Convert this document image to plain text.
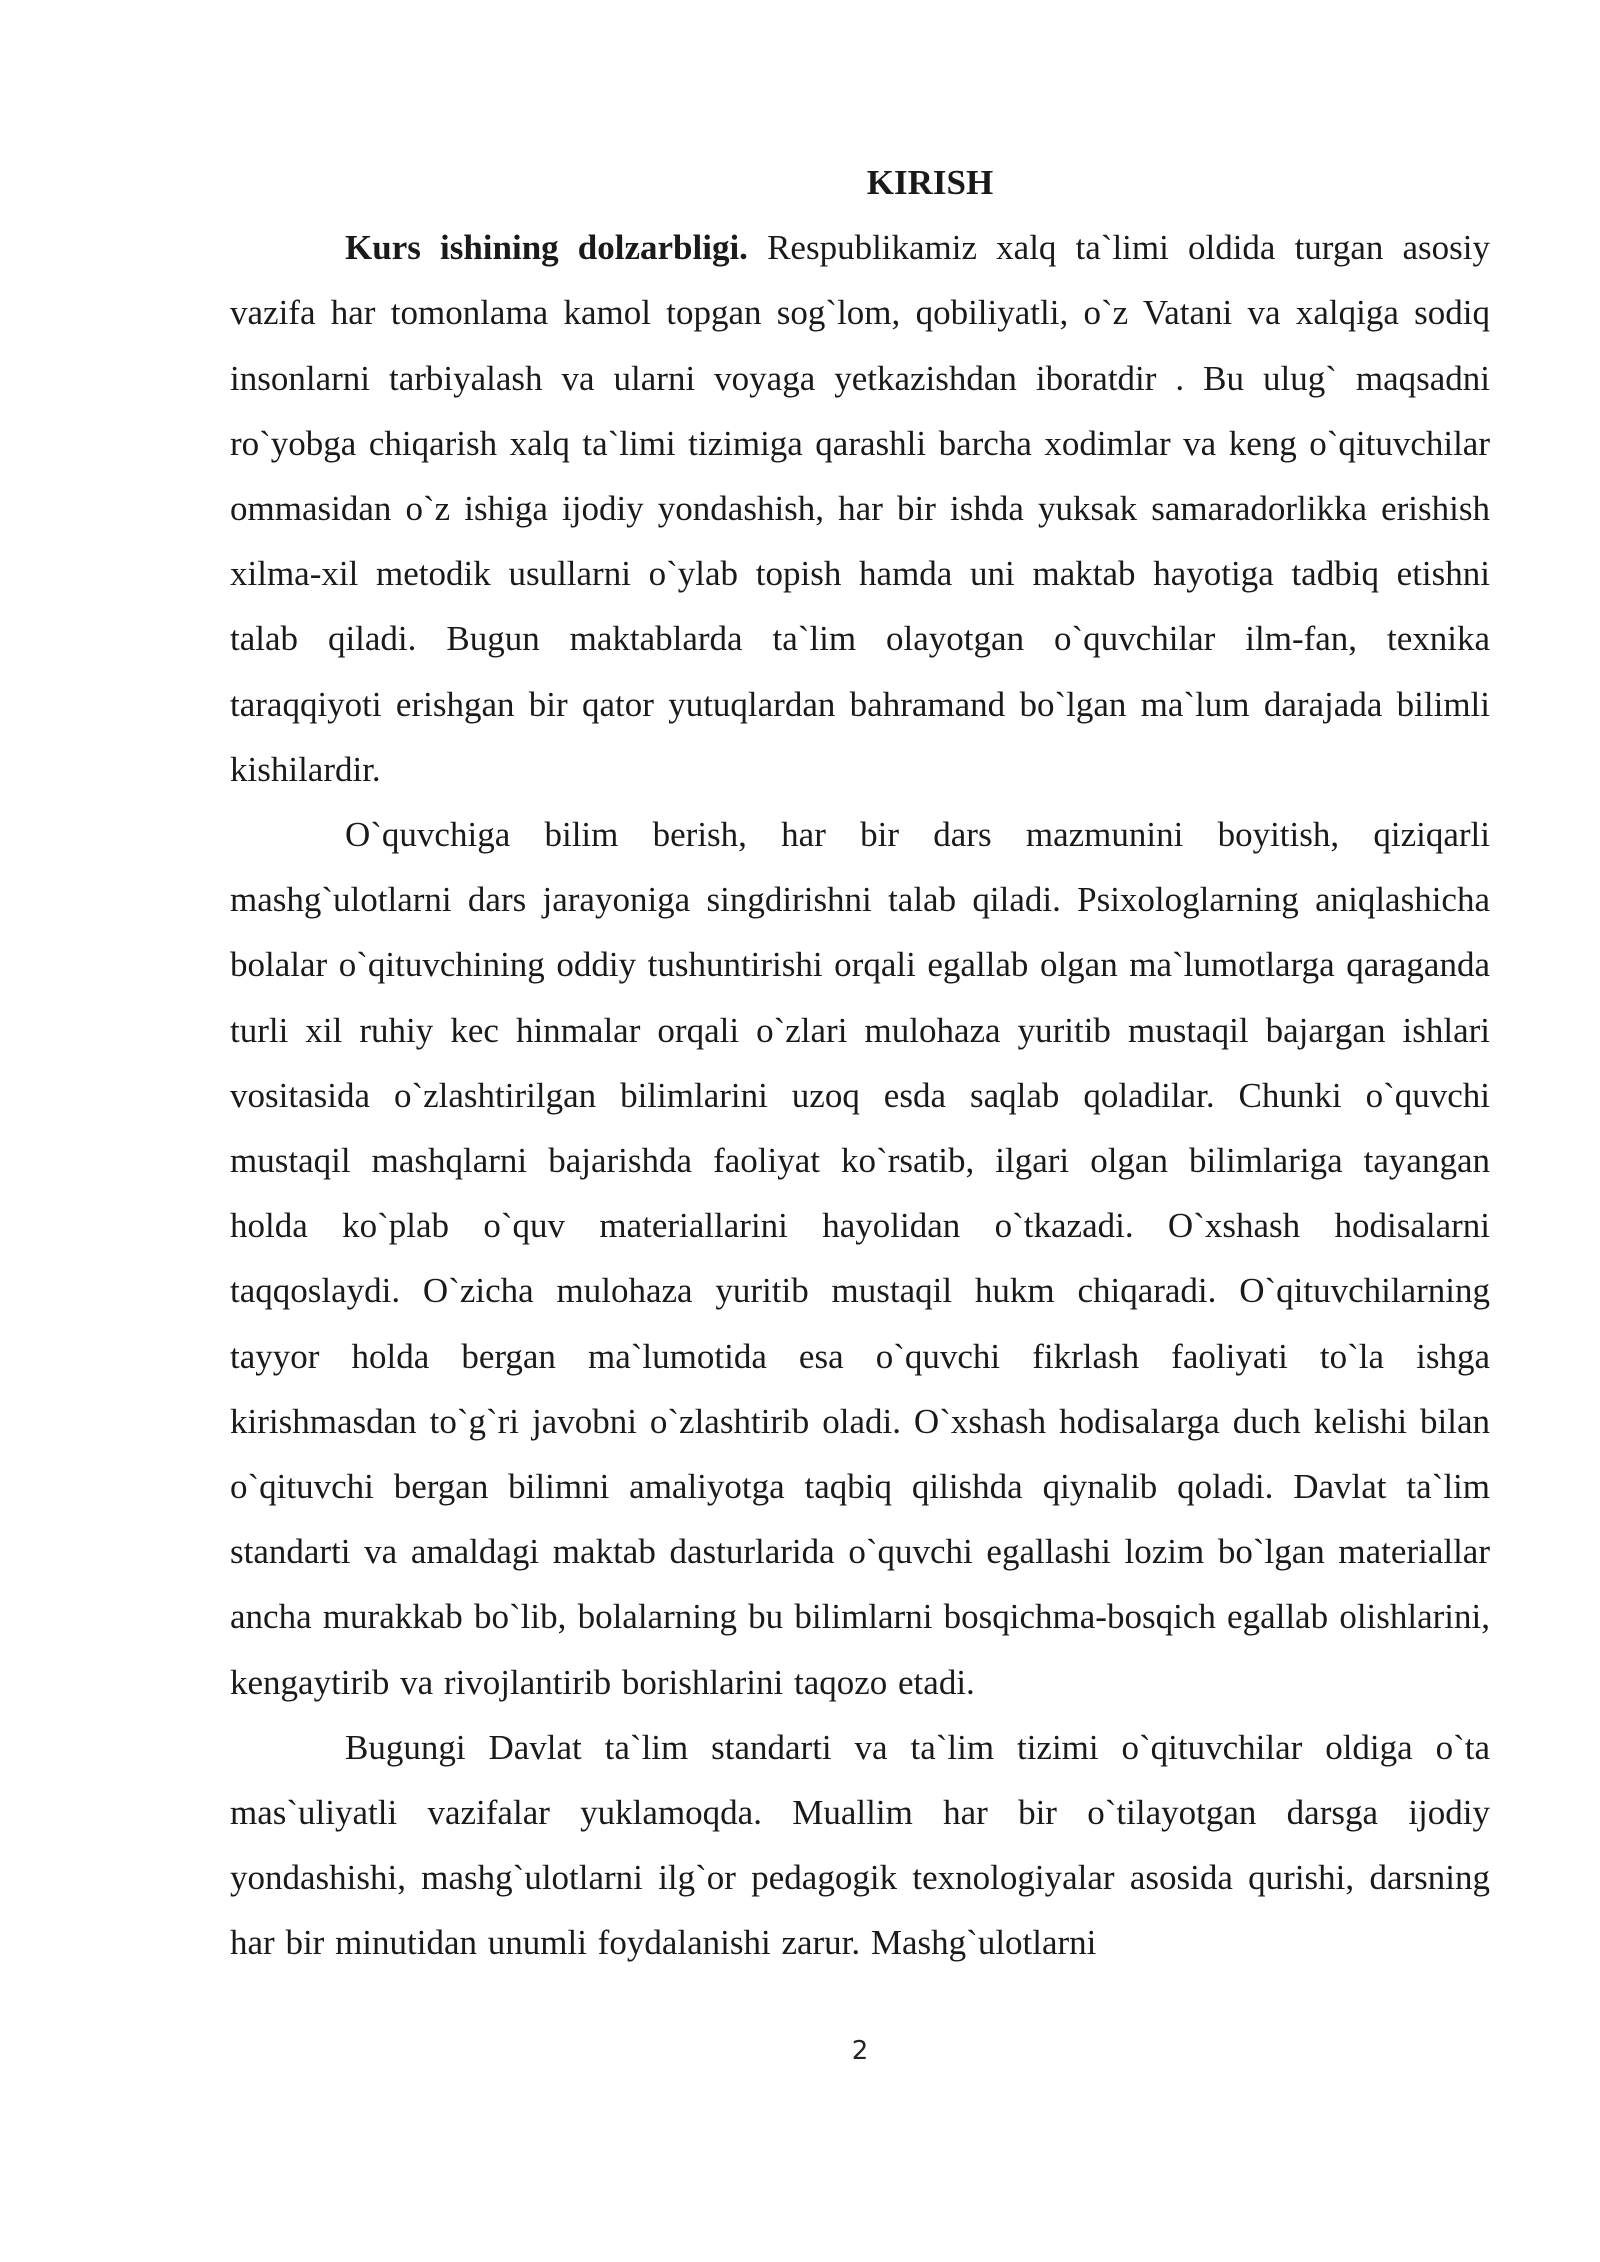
KIRISH

Kurs ishining dolzarbligi. Respublikamiz xalq ta`limi oldida turgan asosiy vazifa har tomonlama kamol topgan sog`lom, qobiliyatli, o`z Vatani va xalqiga sodiq insonlarni tarbiyalash va ularni voyaga yetkazishdan iboratdir . Bu ulug` maqsadni ro`yobga chiqarish xalq ta`limi tizimiga qarashli barcha xodimlar va keng o`qituvchilar ommasidan o`z ishiga ijodiy yondashish, har bir ishda yuksak samaradorlikka erishish xilma-xil metodik usullarni o`ylab topish hamda uni maktab hayotiga tadbiq etishni talab qiladi. Bugun maktablarda ta`lim olayotgan o`quvchilar ilm-fan, texnika taraqqiyoti erishgan bir qator yutuqlardan bahramand bo`lgan ma`lum darajada bilimli kishilardir.

O`quvchiga bilim berish, har bir dars mazmunini boyitish, qiziqarli mashg`ulotlarni dars jarayoniga singdirishni talab qiladi. Psixologlarning aniqlashicha bolalar o`qituvchining oddiy tushuntirishi orqali egallab olgan ma`lumotlarga qaraganda turli xil ruhiy kec hinmalar orqali o`zlari mulohaza yuritib mustaqil bajargan ishlari vositasida o`zlashtirilgan bilimlarini uzoq esda saqlab qoladilar. Chunki o`quvchi mustaqil mashqlarni bajarishda faoliyat ko`rsatib, ilgari olgan bilimlariga tayangan holda ko`plab o`quv materiallarini hayolidan o`tkazadi. O`xshash hodisalarni taqqoslaydi. O`zicha mulohaza yuritib mustaqil hukm chiqaradi. O`qituvchilarning tayyor holda bergan ma`lumotida esa o`quvchi fikrlash faoliyati to`la ishga kirishmasdan to`g`ri javobni o`zlashtirib oladi. O`xshash hodisalarga duch kelishi bilan o`qituvchi bergan bilimni amaliyotga taqbiq qilishda qiynalib qoladi. Davlat ta`lim standarti va amaldagi maktab dasturlarida o`quvchi egallashi lozim bo`lgan materiallar ancha murakkab bo`lib, bolalarning bu bilimlarni bosqichma-bosqich egallab olishlarini, kengaytirib va rivojlantirib borishlarini taqozo etadi.

Bugungi Davlat ta`lim standarti va ta`lim tizimi o`qituvchilar oldiga o`ta mas`uliyatli vazifalar yuklamoqda. Muallim har bir o`tilayotgan darsga ijodiy yondashishi, mashg`ulotlarni ilg`or pedagogik texnologiyalar asosida qurishi, darsning har bir minutidan unumli foydalanishi zarur. Mashg`ulotlarni

2
